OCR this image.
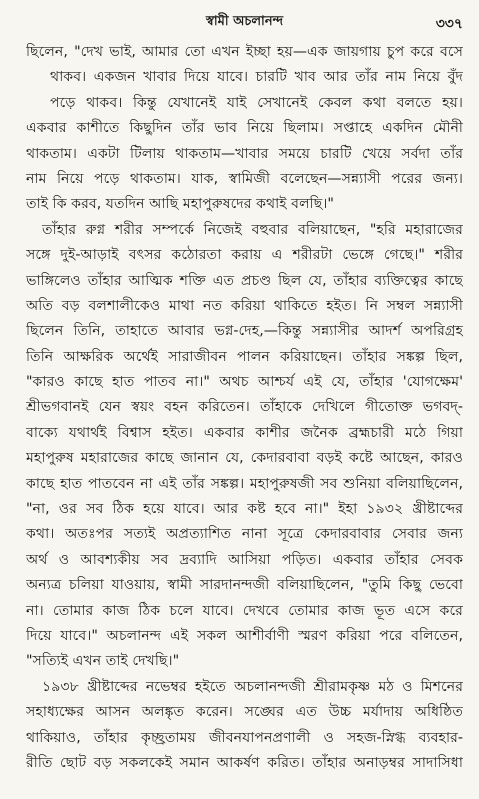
স্বামী অচলানন্দ	৩৩৭
ছিলেন, "দেখ ভাই, আমার তো এখন ইচ্ছা হয়—এক জায়গায় চুপ করে বসে
থাকব। একজন খাবার দিয়ে যাবে। চারটি খাব আর তাঁর নাম নিয়ে বুঁদ
পড়ে থাকব। কিন্তু যেখানেই যাই সেখানেই কেবল কথা বলতে হয়।
একবার কাশীতে কিছুদিন তাঁর ভাব নিয়ে ছিলাম। সপ্তাহে একদিন মৌনী
থাকতাম। একটা টিলায় থাকতাম—খাবার সময়ে চারটি খেয়ে সর্বদা তাঁর
নাম নিয়ে পড়ে থাকতাম। যাক, স্বামিজী বলেছেন—সন্ন্যাসী পরের জন্য।
তাই কি করব, যতদিন আছি মহাপুরুষদের কথাই বলছি।"
তাঁহার রুগ্ন শরীর সম্পর্কে নিজেই বহুবার বলিয়াছেন, "হরি মহারাজের
সঙ্গে দুই-আড়াই বৎসর কঠোরতা করায় এ শরীরটা ভেঙ্গে গেছে।" শরীর
ভাঙ্গিলেও তাঁহার আত্মিক শক্তি এত প্রচণ্ড ছিল যে, তাঁহার ব্যক্তিত্বের কাছে
অতি বড় বলশালীকেও মাথা নত করিয়া থাকিতে হইত। নি সম্বল সন্ন্যাসী
ছিলেন তিনি, তাহাতে আবার ভগ্ন-দেহ,—কিন্তু সন্ন্যাসীর আদর্শ অপরিগ্রহ
তিনি আক্ষরিক অর্থেই সারাজীবন পালন করিয়াছেন। তাঁহার সঙ্কল্প ছিল,
"কারও কাছে হাত পাতব না।" অথচ আশ্চর্য এই যে, তাঁহার 'যোগক্ষেম'
শ্রীভগবানই যেন স্বয়ং বহন করিতেন। তাঁহাকে দেখিলে গীতোক্ত ভগবদ্-
বাক্যে যথার্থই বিশ্বাস হইত। একবার কাশীর জনৈক ব্রহ্মচারী মঠে গিয়া
মহাপুরুষ মহারাজের কাছে জানান যে, কেদারবাবা বড়ই কষ্টে আছেন, কারও
কাছে হাত পাতবেন না এই তাঁর সঙ্কল্প। মহাপুরুষজী সব শুনিয়া বলিয়াছিলেন,
"না, ওর সব ঠিক হয়ে যাবে। আর কষ্ট হবে না।" ইহা ১৯৩২ খ্রীষ্টাব্দের
কথা। অতঃপর সত্যই অপ্রত্যাশিত নানা সূত্রে কেদারবাবার সেবার জন্য
অর্থ ও আবশ্যকীয় সব দ্রব্যাদি আসিয়া পড়িত। একবার তাঁহার সেবক
অন্যত্র চলিয়া যাওয়ায়, স্বামী সারদানন্দজী বলিয়াছিলেন, "তুমি কিছু ভেবো
না। তোমার কাজ ঠিক চলে যাবে। দেখবে তোমার কাজ ভূত এসে করে
দিয়ে যাবে।" অচলানন্দ এই সকল আশীর্বাণী স্মরণ করিয়া পরে বলিতেন,
"সত্যিই এখন তাই দেখছি।"
১৯৩৮ খ্রীষ্টাব্দের নভেম্বর হইতে অচলানন্দজী শ্রীরামকৃষ্ণ মঠ ও মিশনের
সহাধ্যক্ষের আসন অলঙ্কৃত করেন। সঙ্ঘের এত উচ্চ মর্যাদায় অধিষ্ঠিত
থাকিয়াও, তাঁহার কৃচ্ছ্রতাময় জীবনযাপনপ্রণালী ও সহজ-স্নিগ্ধ ব্যবহার-
রীতি ছোট বড় সকলকেই সমান আকর্ষণ করিত। তাঁহার অনাড়ম্বর সাদাসিধা
